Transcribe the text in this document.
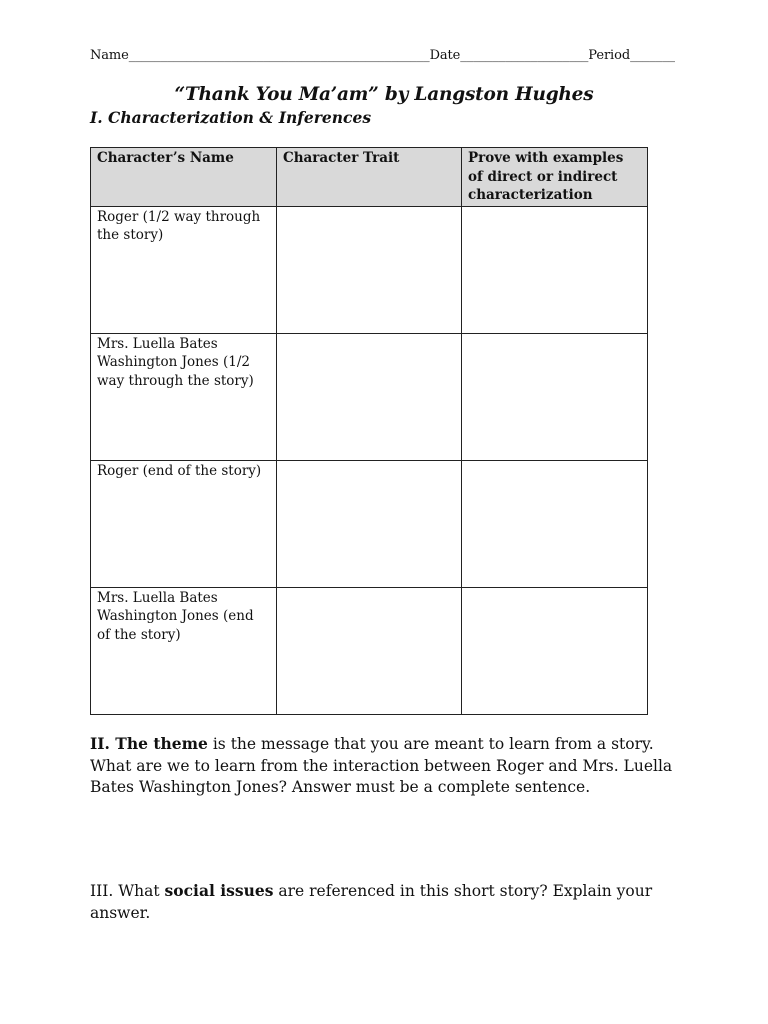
Name_______________________________________________Date____________________Period_______
“Thank You Ma’am” by Langston Hughes
I. Characterization & Inferences
Character’s Name	Character Trait	Prove with examples of direct or indirect characterization
Roger (1/2 way through the story)		
Mrs. Luella Bates Washington Jones (1/2 way through the story)		
Roger (end of the story)		
Mrs. Luella Bates Washington Jones (end of the story)		
II. The theme is the message that you are meant to learn from a story. What are we to learn from the interaction between Roger and Mrs. Luella Bates Washington Jones? Answer must be a complete sentence.
III. What social issues are referenced in this short story? Explain your answer.
